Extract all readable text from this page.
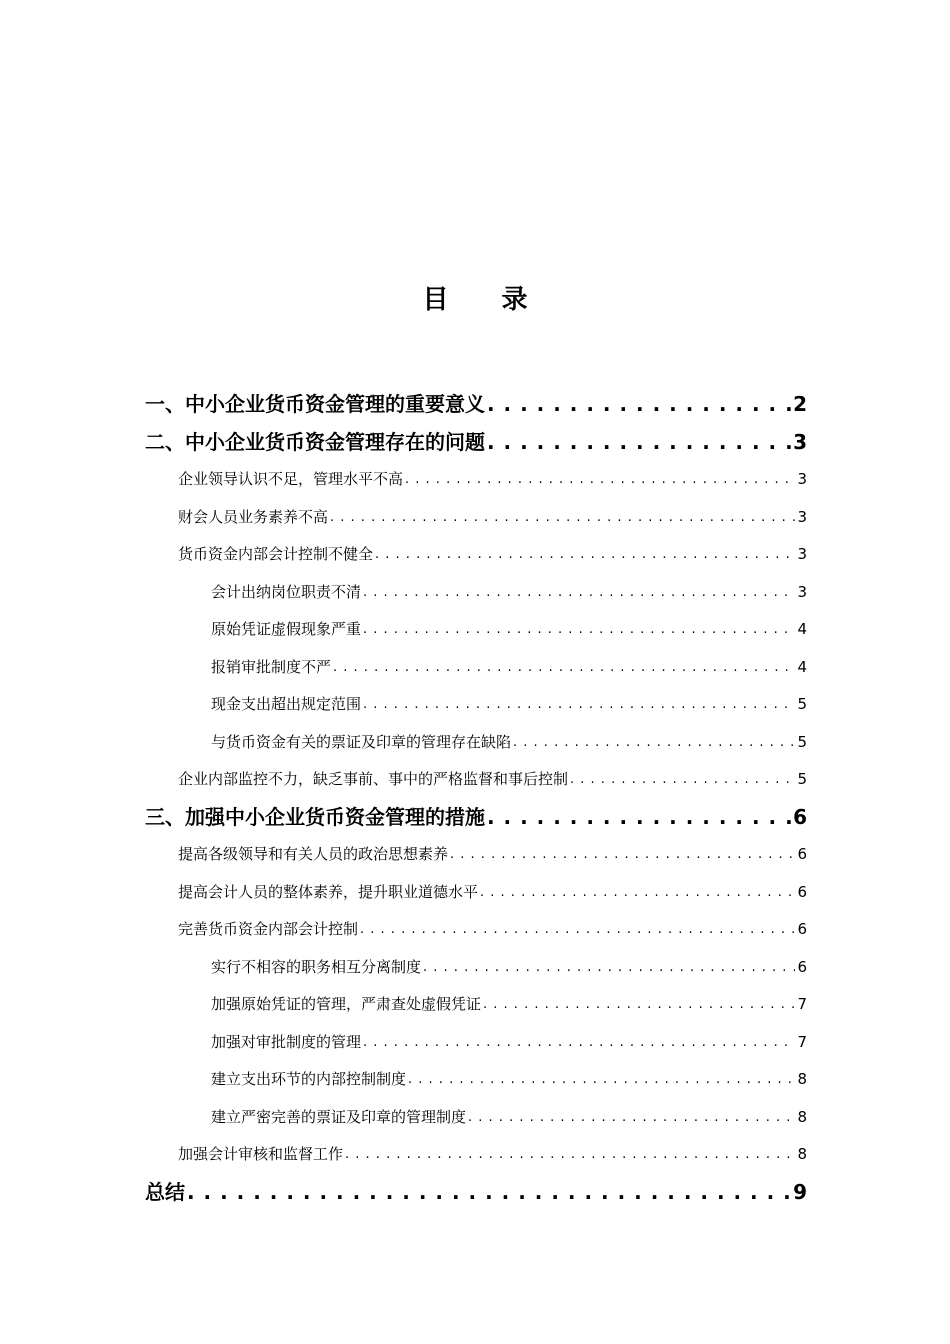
目 录
一、中小企业货币资金管理的重要意义 . . .	2
二、中小企业货币资金管理存在的问题 . . .	3
企业领导认识不足，管理水平不高 . . .	3
财会人员业务素养不高 . . .	3
货币资金内部会计控制不健全 . . .	3
会计出纳岗位职责不清 . . .	3
原始凭证虚假现象严重 . . .	4
报销审批制度不严 . . .	4
现金支出超出规定范围 . . .	5
与货币资金有关的票证及印章的管理存在缺陷 . . .	5
企业内部监控不力，缺乏事前、事中的严格监督和事后控制 . . .	5
三、加强中小企业货币资金管理的措施 . . .	6
提高各级领导和有关人员的政治思想素养 . . .	6
提高会计人员的整体素养，提升职业道德水平 . . .	6
完善货币资金内部会计控制 . . .	6
实行不相容的职务相互分离制度 . . .	6
加强原始凭证的管理，严肃查处虚假凭证 . . .	7
加强对审批制度的管理 . . .	7
建立支出环节的内部控制制度 . . .	8
建立严密完善的票证及印章的管理制度 . . .	8
加强会计审核和监督工作 . . .	8
总结 . . .	9
